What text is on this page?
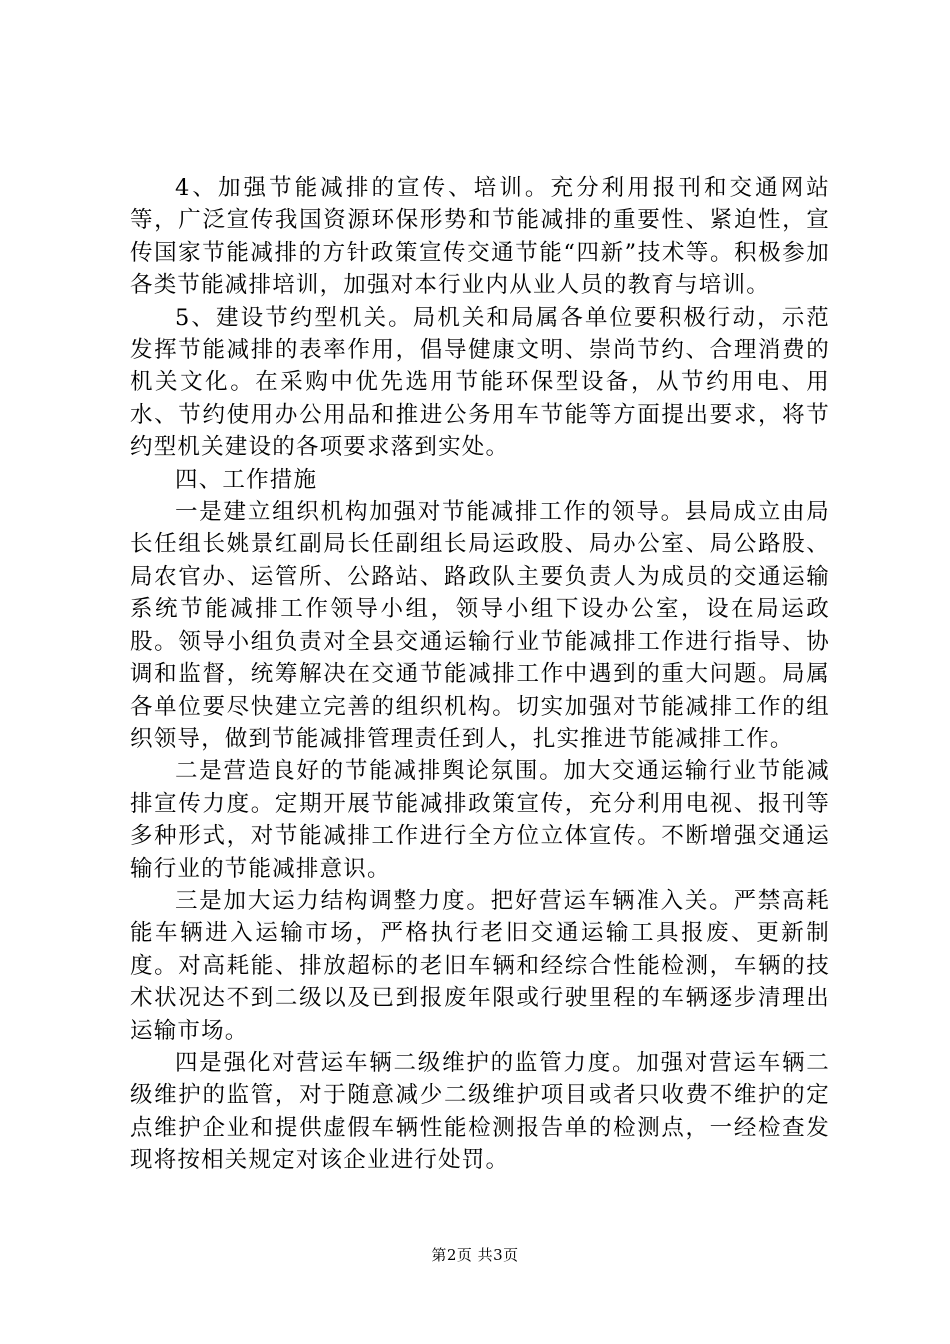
4、加强节能减排的宣传、培训。充分利用报刊和交通网站等，广泛宣传我国资源环保形势和节能减排的重要性、紧迫性，宣传国家节能减排的方针政策宣传交通节能“四新”技术等。积极参加各类节能减排培训，加强对本行业内从业人员的教育与培训。

5、建设节约型机关。局机关和局属各单位要积极行动，示范发挥节能减排的表率作用，倡导健康文明、崇尚节约、合理消费的机关文化。在采购中优先选用节能环保型设备，从节约用电、用水、节约使用办公用品和推进公务用车节能等方面提出要求，将节约型机关建设的各项要求落到实处。

四、工作措施

一是建立组织机构加强对节能减排工作的领导。县局成立由局长任组长姚景红副局长任副组长局运政股、局办公室、局公路股、局农官办、运管所、公路站、路政队主要负责人为成员的交通运输系统节能减排工作领导小组，领导小组下设办公室，设在局运政股。领导小组负责对全县交通运输行业节能减排工作进行指导、协调和监督，统筹解决在交通节能减排工作中遇到的重大问题。局属各单位要尽快建立完善的组织机构。切实加强对节能减排工作的组织领导，做到节能减排管理责任到人，扎实推进节能减排工作。

二是营造良好的节能减排舆论氛围。加大交通运输行业节能减排宣传力度。定期开展节能减排政策宣传，充分利用电视、报刊等多种形式，对节能减排工作进行全方位立体宣传。不断增强交通运输行业的节能减排意识。

三是加大运力结构调整力度。把好营运车辆准入关。严禁高耗能车辆进入运输市场，严格执行老旧交通运输工具报废、更新制度。对高耗能、排放超标的老旧车辆和经综合性能检测，车辆的技术状况达不到二级以及已到报废年限或行驶里程的车辆逐步清理出运输市场。

四是强化对营运车辆二级维护的监管力度。加强对营运车辆二级维护的监管，对于随意减少二级维护项目或者只收费不维护的定点维护企业和提供虚假车辆性能检测报告单的检测点，一经检查发现将按相关规定对该企业进行处罚。

第2页 共3页
